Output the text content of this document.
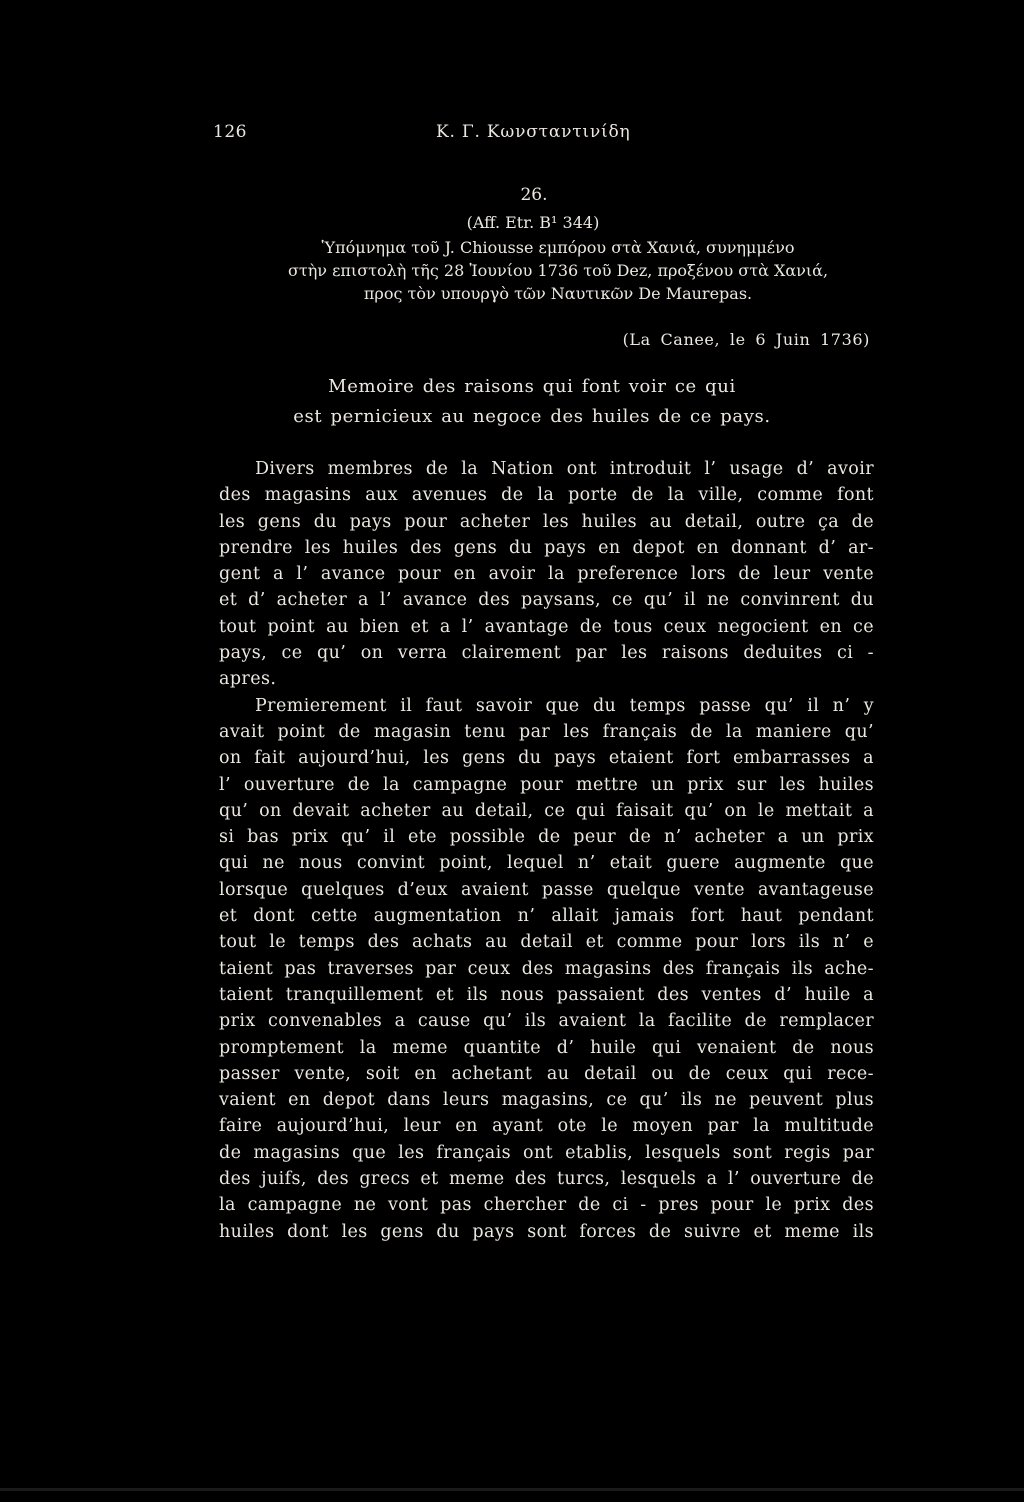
126	Κ. Γ. Κωνσταντινίδη
26.
(Aff. Etr. B¹ 344)
Ὑπόμνημα τοῦ J. Chiousse εμπόρου στὰ Χανιά, συνημμένο
στὴν επιστολὴ τῆς 28 Ἰουνίου 1736 τοῦ Dez, πρoξένου στὰ Χανιά,
προς τὸν υπουργὸ τῶν Ναυτικῶν De Maurepas.
(La Canee, le 6 Juin 1736)
Memoire des raisons qui font voir ce qui
est pernicieux au negoce des huiles de ce pays.
Divers membres de la Nation ont introduit l’ usage d’ avoir
des magasins aux avenues de la porte de la ville, comme font
les gens du pays pour acheter les huiles au detail, outre ça de
prendre les huiles des gens du pays en depot en donnant d’ ar-
gent a l’ avance pour en avoir la preference lors de leur vente
et d’ acheter a l’ avance des paysans, ce qu’ il ne convinrent du
tout point au bien et a l’ avantage de tous ceux negocient en ce
pays, ce qu’ on verra clairement par les raisons deduites ci -
apres.
Premierement il faut savoir que du temps passe qu’ il n’ y
avait point de magasin tenu par les français de la maniere qu’
on fait aujourd’hui, les gens du pays etaient fort embarrasses a
l’ ouverture de la campagne pour mettre un prix sur les huiles
qu’ on devait acheter au detail, ce qui faisait qu’ on le mettait a
si bas prix qu’ il ete possible de peur de n’ acheter a un prix
qui ne nous convint point, lequel n’ etait guere augmente que
lorsque quelques d’eux avaient passe quelque vente avantageuse
et dont cette augmentation n’ allait jamais fort haut pendant
tout le temps des achats au detail et comme pour lors ils n’ e
taient pas traverses par ceux des magasins des français ils ache-
taient tranquillement et ils nous passaient des ventes d’ huile a
prix convenables a cause qu’ ils avaient la facilite de remplacer
promptement la meme quantite d’ huile qui venaient de nous
passer vente, soit en achetant au detail ou de ceux qui rece-
vaient en depot dans leurs magasins, ce qu’ ils ne peuvent plus
faire aujourd’hui, leur en ayant ote le moyen par la multitude
de magasins que les français ont etablis, lesquels sont regis par
des juifs, des grecs et meme des turcs, lesquels a l’ ouverture de
la campagne ne vont pas chercher de ci - pres pour le prix des
huiles dont les gens du pays sont forces de suivre et meme ils
